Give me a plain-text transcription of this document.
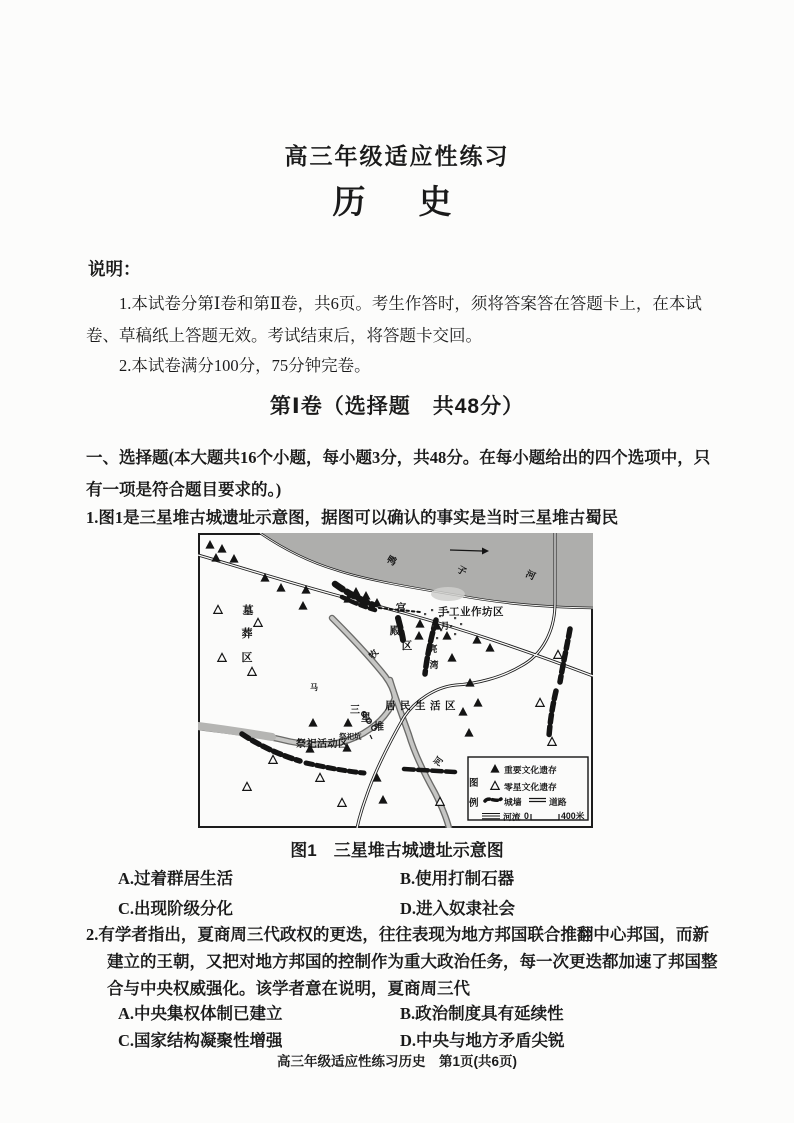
高三年级适应性练习
历　史
说明：
1.本试卷分第Ⅰ卷和第Ⅱ卷，共6页。考生作答时，须将答案答在答题卡上，在本试卷、草稿纸上答题无效。考试结束后，将答题卡交回。
2.本试卷满分100分，75分钟完卷。
第Ⅰ卷（选择题　共48分）
一、选择题(本大题共16个小题，每小题3分，共48分。在每小题给出的四个选项中，只有一项是符合题目要求的。)
1.图1是三星堆古城遗址示意图，据图可以确认的事实是当时三星堆古蜀民
鸭
子	河
墓
葬
区
宫
殿
区
手工业作坊区
月
亮
湾
马
牧
河
三
星
堆
祭祀坑
祭祀活动区
居民生活区
图
例
重要文化遗存
零星文化遗存
城墙	道路
河流 0	400米
图1　三星堆古城遗址示意图
A.过着群居生活	B.使用打制石器
C.出现阶级分化	D.进入奴隶社会
2.有学者指出，夏商周三代政权的更迭，往往表现为地方邦国联合推翻中心邦国，而新建立的王朝，又把对地方邦国的控制作为重大政治任务，每一次更迭都加速了邦国整合与中央权威强化。该学者意在说明，夏商周三代
A.中央集权体制已建立	B.政治制度具有延续性
C.国家结构凝聚性增强	D.中央与地方矛盾尖锐
高三年级适应性练习历史　第1页(共6页)
